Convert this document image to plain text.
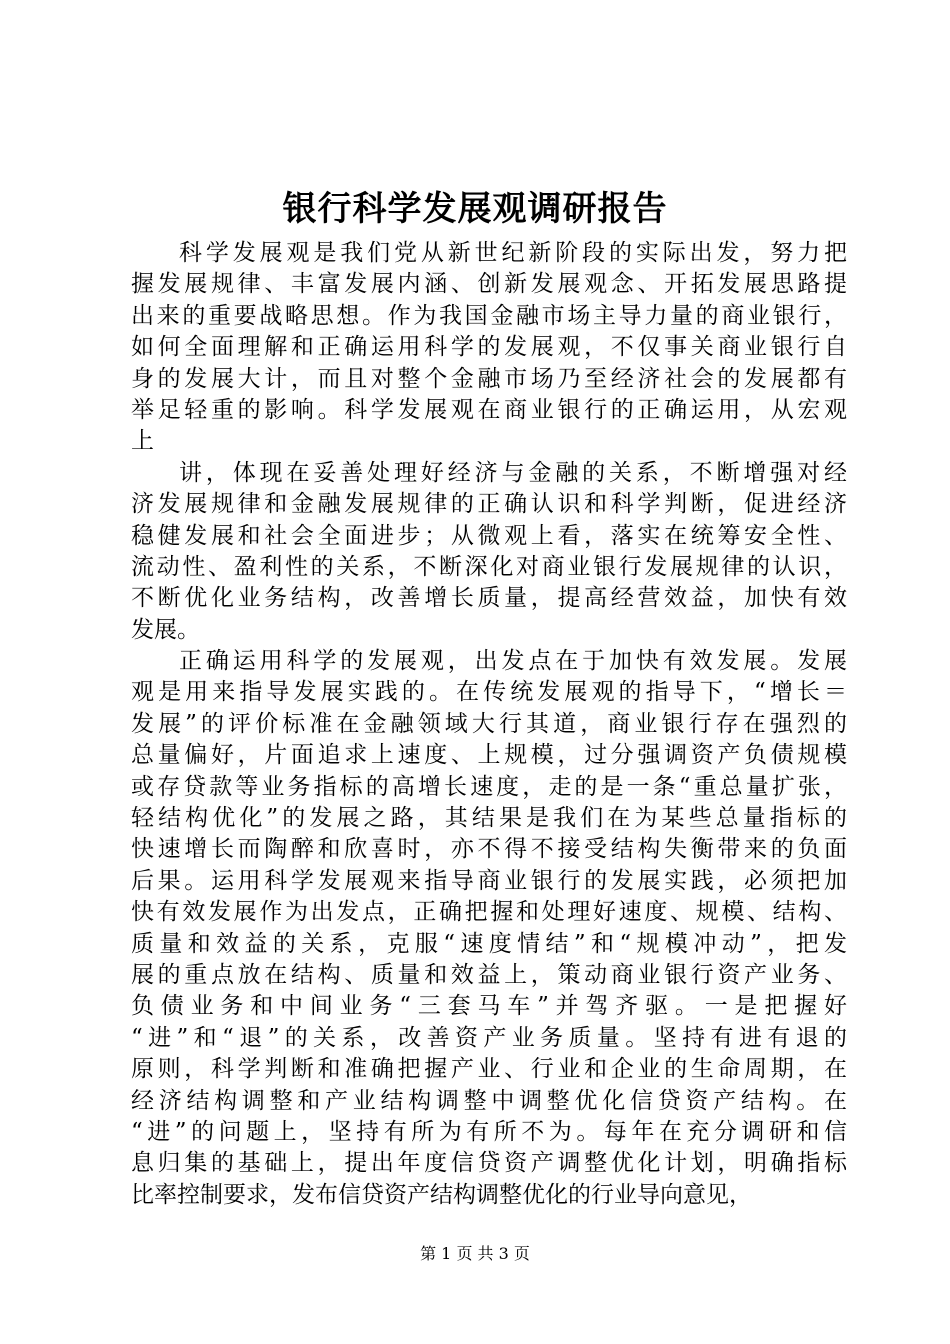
银行科学发展观调研报告
科学发展观是我们党从新世纪新阶段的实际出发，努力把
握发展规律、丰富发展内涵、创新发展观念、开拓发展思路提
出来的重要战略思想。作为我国金融市场主导力量的商业银行，
如何全面理解和正确运用科学的发展观，不仅事关商业银行自
身的发展大计，而且对整个金融市场乃至经济社会的发展都有
举足轻重的影响。科学发展观在商业银行的正确运用，从宏观
上
讲，体现在妥善处理好经济与金融的关系，不断增强对经
济发展规律和金融发展规律的正确认识和科学判断，促进经济
稳健发展和社会全面进步；从微观上看，落实在统筹安全性、
流动性、盈利性的关系，不断深化对商业银行发展规律的认识，
不断优化业务结构，改善增长质量，提高经营效益，加快有效
发展。
正确运用科学的发展观，出发点在于加快有效发展。发展
观是用来指导发展实践的。在传统发展观的指导下，“增长＝
发展”的评价标准在金融领域大行其道，商业银行存在强烈的
总量偏好，片面追求上速度、上规模，过分强调资产负债规模
或存贷款等业务指标的高增长速度，走的是一条“重总量扩张，
轻结构优化”的发展之路，其结果是我们在为某些总量指标的
快速增长而陶醉和欣喜时，亦不得不接受结构失衡带来的负面
后果。运用科学发展观来指导商业银行的发展实践，必须把加
快有效发展作为出发点，正确把握和处理好速度、规模、结构、
质量和效益的关系，克服“速度情结”和“规模冲动”，把发
展的重点放在结构、质量和效益上，策动商业银行资产业务、
负债业务和中间业务“三套马车”并驾齐驱。一是把握好
“进”和“退”的关系，改善资产业务质量。坚持有进有退的
原则，科学判断和准确把握产业、行业和企业的生命周期，在
经济结构调整和产业结构调整中调整优化信贷资产结构。在
“进”的问题上，坚持有所为有所不为。每年在充分调研和信
息归集的基础上，提出年度信贷资产调整优化计划，明确指标
比率控制要求，发布信贷资产结构调整优化的行业导向意见，
第 1 页 共 3 页
